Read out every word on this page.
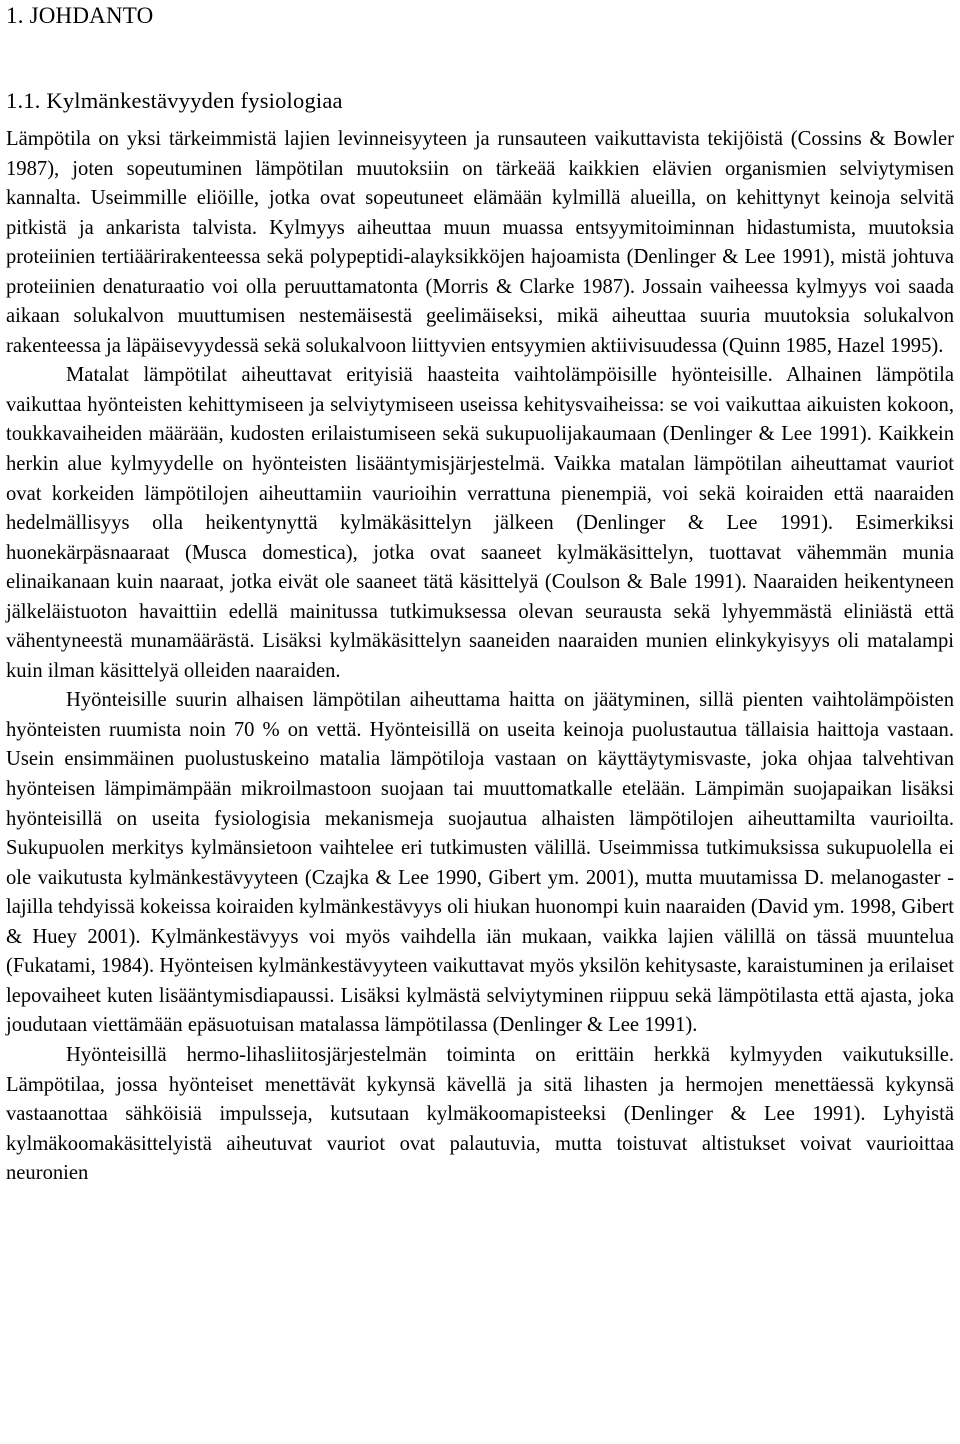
1. JOHDANTO
1.1. Kylmänkestävyyden fysiologiaa

Lämpötila on yksi tärkeimmistä lajien levinneisyyteen ja runsauteen vaikuttavista tekijöistä (Cossins & Bowler 1987), joten sopeutuminen lämpötilan muutoksiin on tärkeää kaikkien elävien organismien selviytymisen kannalta. Useimmille eliöille, jotka ovat sopeutuneet elämään kylmillä alueilla, on kehittynyt keinoja selvitä pitkistä ja ankarista talvista. Kylmyys aiheuttaa muun muassa entsyymitoiminnan hidastumista, muutoksia proteiinien tertiäärirakenteessa sekä polypeptidi-alayksikköjen hajoamista (Denlinger & Lee 1991), mistä johtuva proteiinien denaturaatio voi olla peruuttamatonta (Morris & Clarke 1987). Jossain vaiheessa kylmyys voi saada aikaan solukalvon muuttumisen nestemäisestä geelimäiseksi, mikä aiheuttaa suuria muutoksia solukalvon rakenteessa ja läpäisevyydessä sekä solukalvoon liittyvien entsyymien aktiivisuudessa (Quinn 1985, Hazel 1995).

Matalat lämpötilat aiheuttavat erityisiä haasteita vaihtolämpöisille hyönteisille. Alhainen lämpötila vaikuttaa hyönteisten kehittymiseen ja selviytymiseen useissa kehitysvaiheissa: se voi vaikuttaa aikuisten kokoon, toukkavaiheiden määrään, kudosten erilaistumiseen sekä sukupuolijakaumaan (Denlinger & Lee 1991). Kaikkein herkin alue kylmyydelle on hyönteisten lisääntymisjärjestelmä. Vaikka matalan lämpötilan aiheuttamat vauriot ovat korkeiden lämpötilojen aiheuttamiin vaurioihin verrattuna pienempiä, voi sekä koiraiden että naaraiden hedelmällisyys olla heikentynyttä kylmäkäsittelyn jälkeen (Denlinger & Lee 1991). Esimerkiksi huonekärpäsnaaraat (Musca domestica), jotka ovat saaneet kylmäkäsittelyn, tuottavat vähemmän munia elinaikanaan kuin naaraat, jotka eivät ole saaneet tätä käsittelyä (Coulson & Bale 1991). Naaraiden heikentyneen jälkeläistuoton havaittiin edellä mainitussa tutkimuksessa olevan seurausta sekä lyhyemmästä eliniästä että vähentyneestä munamäärästä. Lisäksi kylmäkäsittelyn saaneiden naaraiden munien elinkykyisyys oli matalampi kuin ilman käsittelyä olleiden naaraiden.

Hyönteisille suurin alhaisen lämpötilan aiheuttama haitta on jäätyminen, sillä pienten vaihtolämpöisten hyönteisten ruumista noin 70 % on vettä. Hyönteisillä on useita keinoja puolustautua tällaisia haittoja vastaan. Usein ensimmäinen puolustuskeino matalia lämpötiloja vastaan on käyttäytymisvaste, joka ohjaa talvehtivan hyönteisen lämpimämpään mikroilmastoon suojaan tai muuttomatkalle etelään. Lämpimän suojapaikan lisäksi hyönteisillä on useita fysiologisia mekanismeja suojautua alhaisten lämpötilojen aiheuttamilta vaurioilta. Sukupuolen merkitys kylmänsietoon vaihtelee eri tutkimusten välillä. Useimmissa tutkimuksissa sukupuolella ei ole vaikutusta kylmänkestävyyteen (Czajka & Lee 1990, Gibert ym. 2001), mutta muutamissa D. melanogaster -lajilla tehdyissä kokeissa koiraiden kylmänkestävyys oli hiukan huonompi kuin naaraiden (David ym. 1998, Gibert & Huey 2001). Kylmänkestävyys voi myös vaihdella iän mukaan, vaikka lajien välillä on tässä muuntelua (Fukatami, 1984). Hyönteisen kylmänkestävyyteen vaikuttavat myös yksilön kehitysaste, karaistuminen ja erilaiset lepovaiheet kuten lisääntymisdiapaussi. Lisäksi kylmästä selviytyminen riippuu sekä lämpötilasta että ajasta, joka joudutaan viettämään epäsuotuisan matalassa lämpötilassa (Denlinger & Lee 1991).

Hyönteisillä hermo-lihasliitosjärjestelmän toiminta on erittäin herkkä kylmyyden vaikutuksille. Lämpötilaa, jossa hyönteiset menettävät kykynsä kävellä ja sitä lihasten ja hermojen menettäessä kykynsä vastaanottaa sähköisiä impulsseja, kutsutaan kylmäkoomapisteeksi (Denlinger & Lee 1991). Lyhyistä kylmäkoomakäsittelyistä aiheutuvat vauriot ovat palautuvia, mutta toistuvat altistukset voivat vaurioittaa neuronien
